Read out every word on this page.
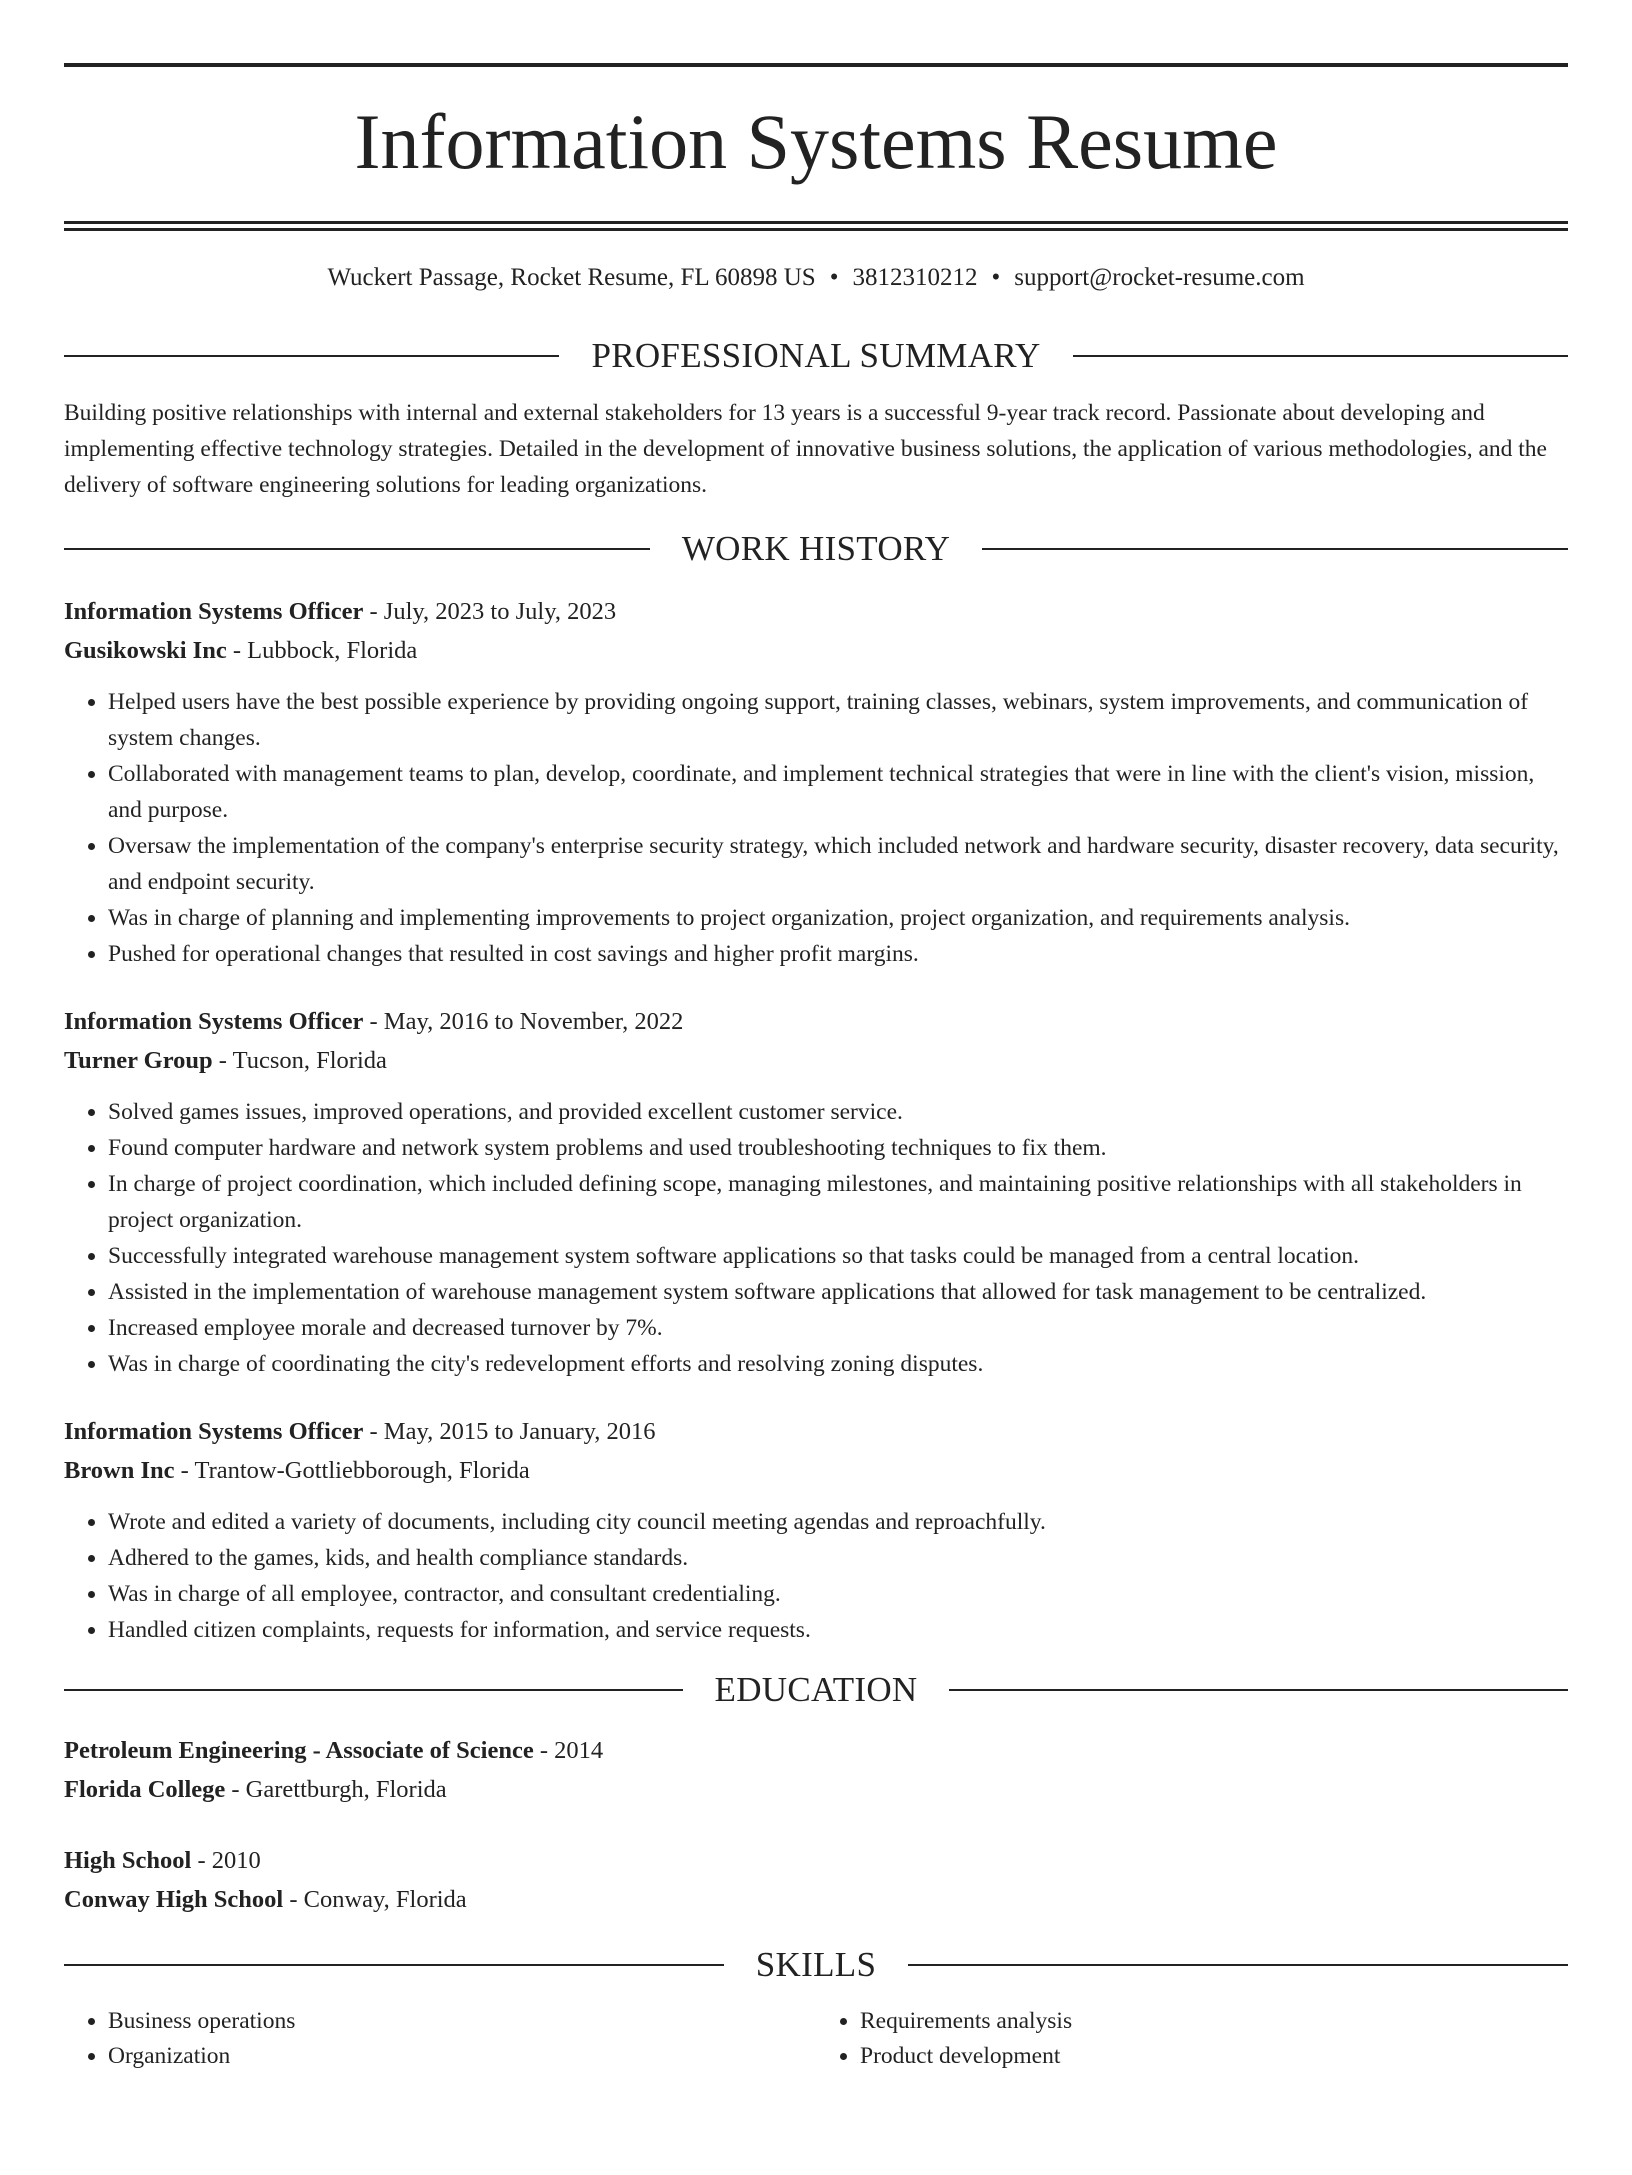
Information Systems Resume
Wuckert Passage, Rocket Resume, FL 60898 US • 3812310212 • support@rocket-resume.com
PROFESSIONAL SUMMARY

Building positive relationships with internal and external stakeholders for 13 years is a successful 9-year track record. Passionate about developing and implementing effective technology strategies. Detailed in the development of innovative business solutions, the application of various methodologies, and the delivery of software engineering solutions for leading organizations.

WORK HISTORY
Information Systems Officer - July, 2023 to July, 2023
Gusikowski Inc - Lubbock, Florida
• Helped users have the best possible experience by providing ongoing support, training classes, webinars, system improvements, and communication of system changes.
• Collaborated with management teams to plan, develop, coordinate, and implement technical strategies that were in line with the client's vision, mission, and purpose.
• Oversaw the implementation of the company's enterprise security strategy, which included network and hardware security, disaster recovery, data security, and endpoint security.
• Was in charge of planning and implementing improvements to project organization, project organization, and requirements analysis.
• Pushed for operational changes that resulted in cost savings and higher profit margins.
Information Systems Officer - May, 2016 to November, 2022
Turner Group - Tucson, Florida
• Solved games issues, improved operations, and provided excellent customer service.
• Found computer hardware and network system problems and used troubleshooting techniques to fix them.
• In charge of project coordination, which included defining scope, managing milestones, and maintaining positive relationships with all stakeholders in project organization.
• Successfully integrated warehouse management system software applications so that tasks could be managed from a central location.
• Assisted in the implementation of warehouse management system software applications that allowed for task management to be centralized.
• Increased employee morale and decreased turnover by 7%.
• Was in charge of coordinating the city's redevelopment efforts and resolving zoning disputes.
Information Systems Officer - May, 2015 to January, 2016
Brown Inc - Trantow-Gottliebborough, Florida
• Wrote and edited a variety of documents, including city council meeting agendas and reproachfully.
• Adhered to the games, kids, and health compliance standards.
• Was in charge of all employee, contractor, and consultant credentialing.
• Handled citizen complaints, requests for information, and service requests.
EDUCATION
Petroleum Engineering - Associate of Science - 2014
Florida College - Garettburgh, Florida
High School - 2010
Conway High School - Conway, Florida
SKILLS
• Business operations
• Organization
• Requirements analysis
• Product development
